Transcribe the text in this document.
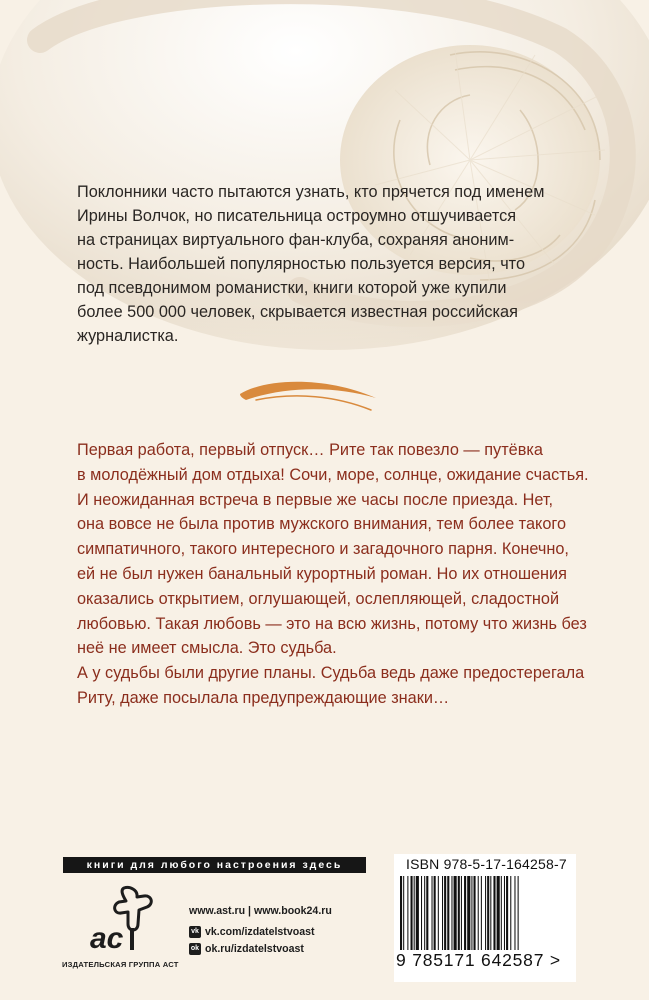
Поклонники часто пытаются узнать, кто прячется под именем
Ирины Волчок, но писательница остроумно отшучивается
на страницах виртуального фан-клуба, сохраняя аноним-
ность. Наибольшей популярностью пользуется версия, что
под псевдонимом романистки, книги которой уже купили
более 500 000 человек, скрывается известная российская
журналистка.

Первая работа, первый отпуск… Рите так повезло — путёвка
в молодёжный дом отдыха! Сочи, море, солнце, ожидание счастья.
И неожиданная встреча в первые же часы после приезда. Нет,
она вовсе не была против мужского внимания, тем более такого
симпатичного, такого интересного и загадочного парня. Конечно,
ей не был нужен банальный курортный роман. Но их отношения
оказались открытием, оглушающей, ослепляющей, сладостной
любовью. Такая любовь — это на всю жизнь, потому что жизнь без
неё не имеет смысла. Это судьба.
А у судьбы были другие планы. Судьба ведь даже предостерегала
Риту, даже посылала предупреждающие знаки…

книги для любого настроения здесь
ac
ИЗДАТЕЛЬСКАЯ ГРУППА АСТ
www.ast.ru | www.book24.ru
vk vk.com/izdatelstvoast
ok ok.ru/izdatelstvoast
ISBN 978-5-17-164258-7
9 785171 642587 >
